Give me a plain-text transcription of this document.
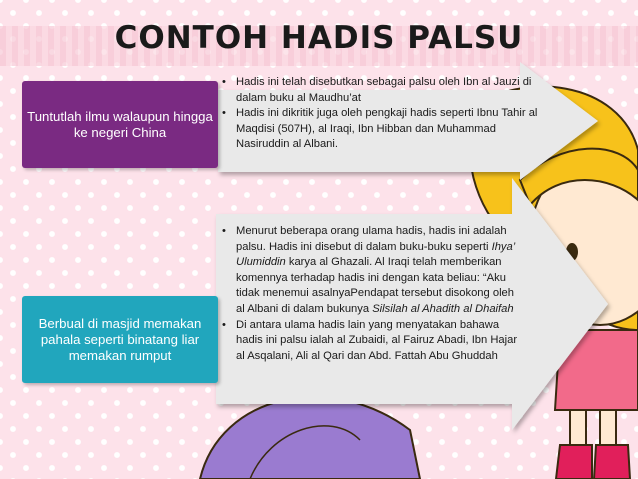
CONTOH HADIS PALSU
Tuntutlah ilmu walaupun hingga ke negeri China
Berbual di masjid memakan pahala seperti binatang liar memakan rumput
• Hadis ini telah disebutkan sebagai palsu oleh Ibn al Jauzi di dalam buku al Maudhu’at
• Hadis ini dikritik juga oleh pengkaji hadis seperti Ibnu Tahir al Maqdisi (507H), al Iraqi, Ibn Hibban dan Muhammad Nasiruddin al Albani.
• Menurut beberapa orang ulama hadis, hadis ini adalah palsu. Hadis ini disebut di dalam buku-buku seperti Ihya’ Ulumiddin karya al Ghazali. Al Iraqi telah memberikan komennya terhadap hadis ini dengan kata beliau: “Aku tidak menemui asalnyaPendapat tersebut disokong oleh al Albani di dalam bukunya Silsilah al Ahadith al Dhaifah
• Di antara ulama hadis lain yang menyatakan bahawa hadis ini palsu ialah al Zubaidi, al Fairuz Abadi, Ibn Hajar al Asqalani, Ali al Qari dan Abd. Fattah Abu Ghuddah
